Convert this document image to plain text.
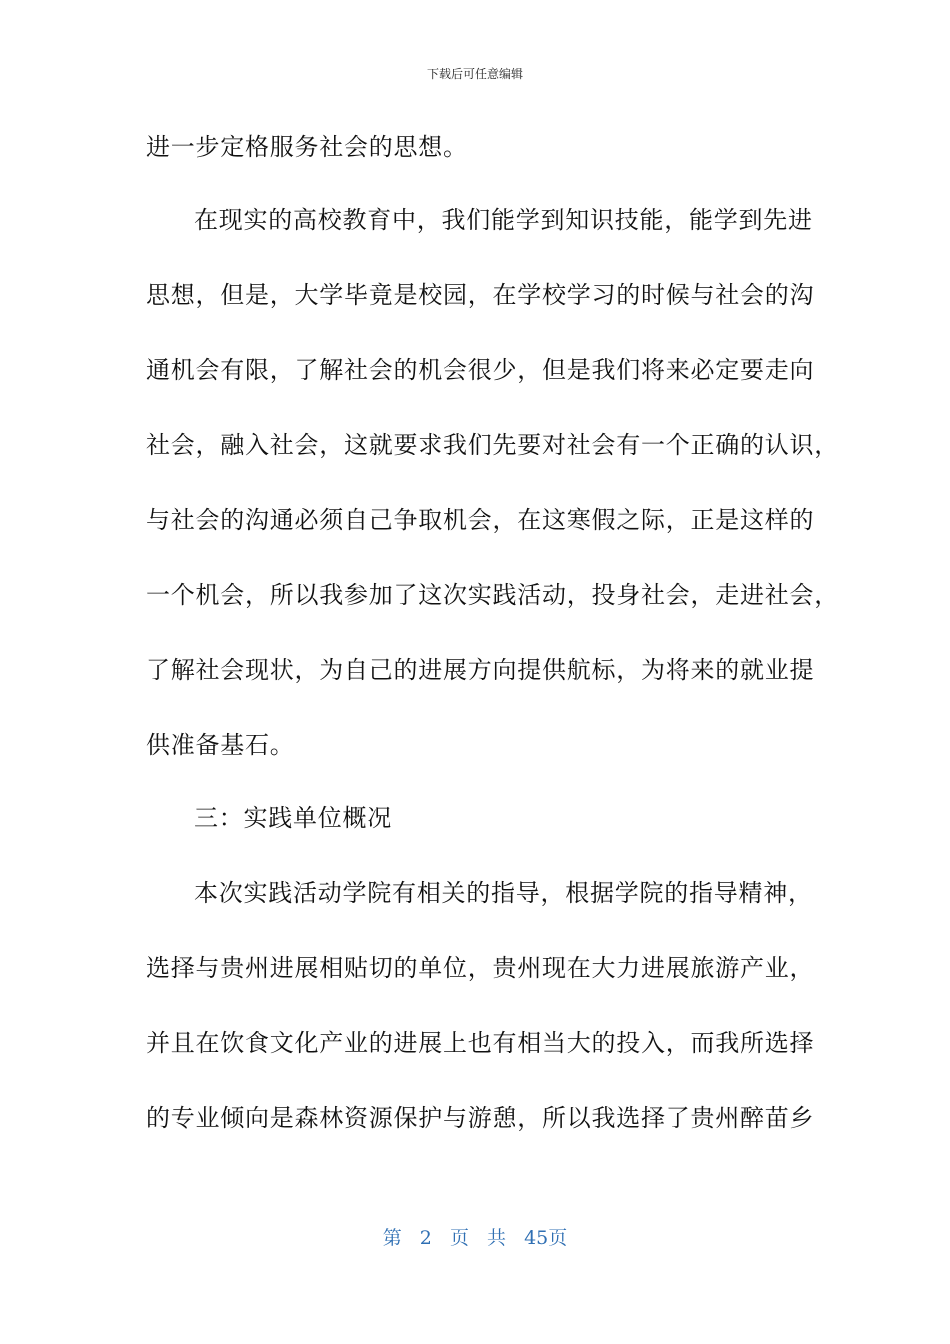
下载后可任意编辑
进一步定格服务社会的思想。
在现实的高校教育中，我们能学到知识技能，能学到先进
思想，但是，大学毕竟是校园，在学校学习的时候与社会的沟
通机会有限，了解社会的机会很少，但是我们将来必定要走向
社会，融入社会，这就要求我们先要对社会有一个正确的认识，
与社会的沟通必须自己争取机会，在这寒假之际，正是这样的
一个机会，所以我参加了这次实践活动，投身社会，走进社会，
了解社会现状，为自己的进展方向提供航标，为将来的就业提
供准备基石。
三：实践单位概况
本次实践活动学院有相关的指导，根据学院的指导精神，
选择与贵州进展相贴切的单位，贵州现在大力进展旅游产业，
并且在饮食文化产业的进展上也有相当大的投入，而我所选择
的专业倾向是森林资源保护与游憩，所以我选择了贵州醉苗乡
第 2 页 共 45页
